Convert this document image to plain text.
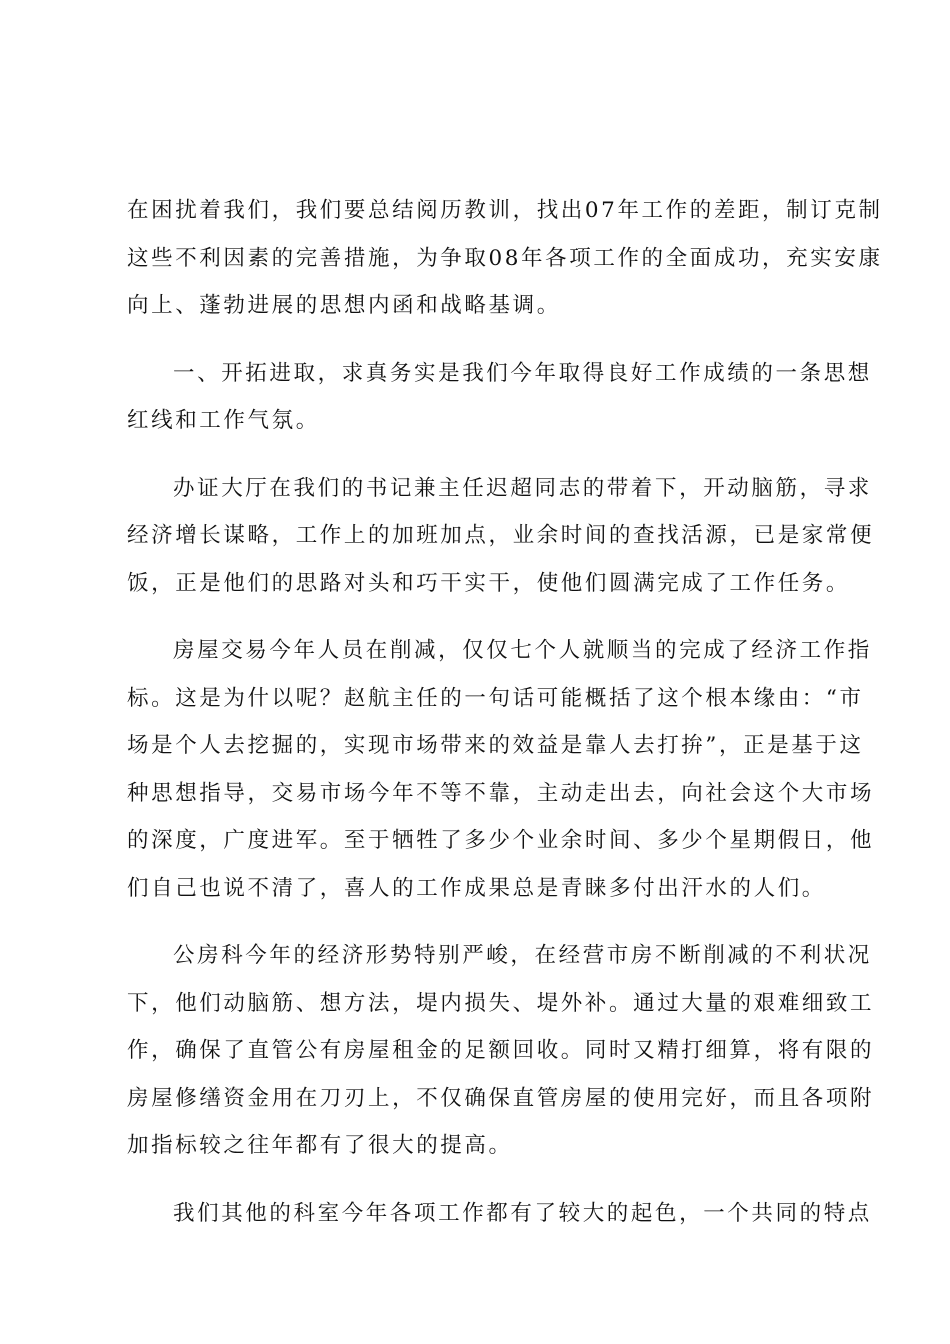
在困扰着我们，我们要总结阅历教训，找出07年工作的差距，制订克制
这些不利因素的完善措施，为争取08年各项工作的全面成功，充实安康
向上、蓬勃进展的思想内函和战略基调。

一、开拓进取，求真务实是我们今年取得良好工作成绩的一条思想
红线和工作气氛。

办证大厅在我们的书记兼主任迟超同志的带着下，开动脑筋，寻求
经济增长谋略，工作上的加班加点，业余时间的查找活源，已是家常便
饭，正是他们的思路对头和巧干实干，使他们圆满完成了工作任务。

房屋交易今年人员在削减，仅仅七个人就顺当的完成了经济工作指
标。这是为什以呢？赵航主任的一句话可能概括了这个根本缘由：“市
场是个人去挖掘的，实现市场带来的效益是靠人去打拚”，正是基于这
种思想指导，交易市场今年不等不靠，主动走出去，向社会这个大市场
的深度，广度进军。至于牺牲了多少个业余时间、多少个星期假日，他
们自己也说不清了，喜人的工作成果总是青睐多付出汗水的人们。

公房科今年的经济形势特别严峻，在经营市房不断削减的不利状况
下，他们动脑筋、想方法，堤内损失、堤外补。通过大量的艰难细致工
作，确保了直管公有房屋租金的足额回收。同时又精打细算，将有限的
房屋修缮资金用在刀刃上，不仅确保直管房屋的使用完好，而且各项附
加指标较之往年都有了很大的提高。

我们其他的科室今年各项工作都有了较大的起色，一个共同的特点
